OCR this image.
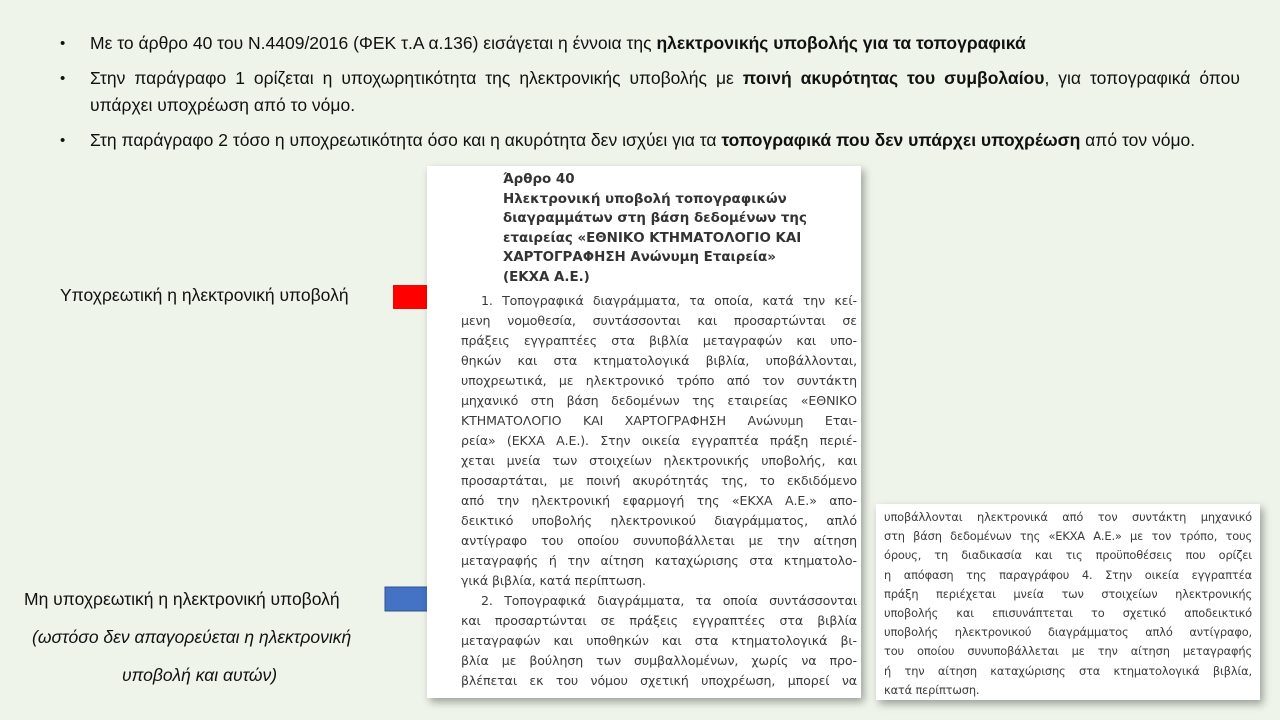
• Με το άρθρο 40 του Ν.4409/2016 (ΦΕΚ τ.Α α.136) εισάγεται η έννοια της ηλεκτρονικής υποβολής για τα τοπογραφικά
• Στην παράγραφο 1 ορίζεται η υποχωρητικότητα της ηλεκτρονικής υποβολής με ποινή ακυρότητας του συμβολαίου, για τοπογραφικά όπου υπάρχει υποχρέωση από το νόμο.
• Στη παράγραφο 2 τόσο η υποχρεωτικότητα όσο και η ακυρότητα δεν ισχύει για τα τοπογραφικά που δεν υπάρχει υποχρέωση από τον νόμο.
Υποχρεωτική η ηλεκτρονική υποβολή
Μη υποχρεωτική η ηλεκτρονική υποβολή
(ωστόσο δεν απαγορεύεται η ηλεκτρονική
υποβολή και αυτών)
Άρθρο 40
Ηλεκτρονική υποβολή τοπογραφικών
διαγραμμάτων στη βάση δεδομένων της
εταιρείας «ΕΘΝΙΚΟ ΚΤΗΜΑΤΟΛΟΓΙΟ ΚΑΙ
ΧΑΡΤΟΓΡΑΦΗΣΗ Ανώνυμη Εταιρεία»
(ΕΚΧΑ Α.Ε.)
1. Τοπογραφικά διαγράμματα, τα οποία, κατά την κεί-
μενη νομοθεσία, συντάσσονται και προσαρτώνται σε
πράξεις εγγραπτέες στα βιβλία μεταγραφών και υπο-
θηκών και στα κτηματολογικά βιβλία, υποβάλλονται,
υποχρεωτικά, με ηλεκτρονικό τρόπο από τον συντάκτη
μηχανικό στη βάση δεδομένων της εταιρείας «ΕΘΝΙΚΟ
ΚΤΗΜΑΤΟΛΟΓΙΟ ΚΑΙ ΧΑΡΤΟΓΡΑΦΗΣΗ Ανώνυμη Εται-
ρεία» (ΕΚΧΑ Α.Ε.). Στην οικεία εγγραπτέα πράξη περιέ-
χεται μνεία των στοιχείων ηλεκτρονικής υποβολής, και
προσαρτάται, με ποινή ακυρότητάς της, το εκδιδόμενο
από την ηλεκτρονική εφαρμογή της «ΕΚΧΑ Α.Ε.» απο-
δεικτικό υποβολής ηλεκτρονικού διαγράμματος, απλό
αντίγραφο του οποίου συνυποβάλλεται με την αίτηση
μεταγραφής ή την αίτηση καταχώρισης στα κτηματολο-
γικά βιβλία, κατά περίπτωση.
2. Τοπογραφικά διαγράμματα, τα οποία συντάσσονται
και προσαρτώνται σε πράξεις εγγραπτέες στα βιβλία
μεταγραφών και υποθηκών και στα κτηματολογικά βι-
βλία με βούληση των συμβαλλομένων, χωρίς να προ-
βλέπεται εκ του νόμου σχετική υποχρέωση, μπορεί να
υποβάλλονται ηλεκτρονικά από τον συντάκτη μηχανικό
στη βάση δεδομένων της «ΕΚΧΑ Α.Ε.» με τον τρόπο, τους
όρους, τη διαδικασία και τις προϋποθέσεις που ορίζει
η απόφαση της παραγράφου 4. Στην οικεία εγγραπτέα
πράξη περιέχεται μνεία των στοιχείων ηλεκτρονικής
υποβολής και επισυνάπτεται το σχετικό αποδεικτικό
υποβολής ηλεκτρονικού διαγράμματος απλό αντίγραφο,
του οποίου συνυποβάλλεται με την αίτηση μεταγραφής
ή την αίτηση καταχώρισης στα κτηματολογικά βιβλία,
κατά περίπτωση.
